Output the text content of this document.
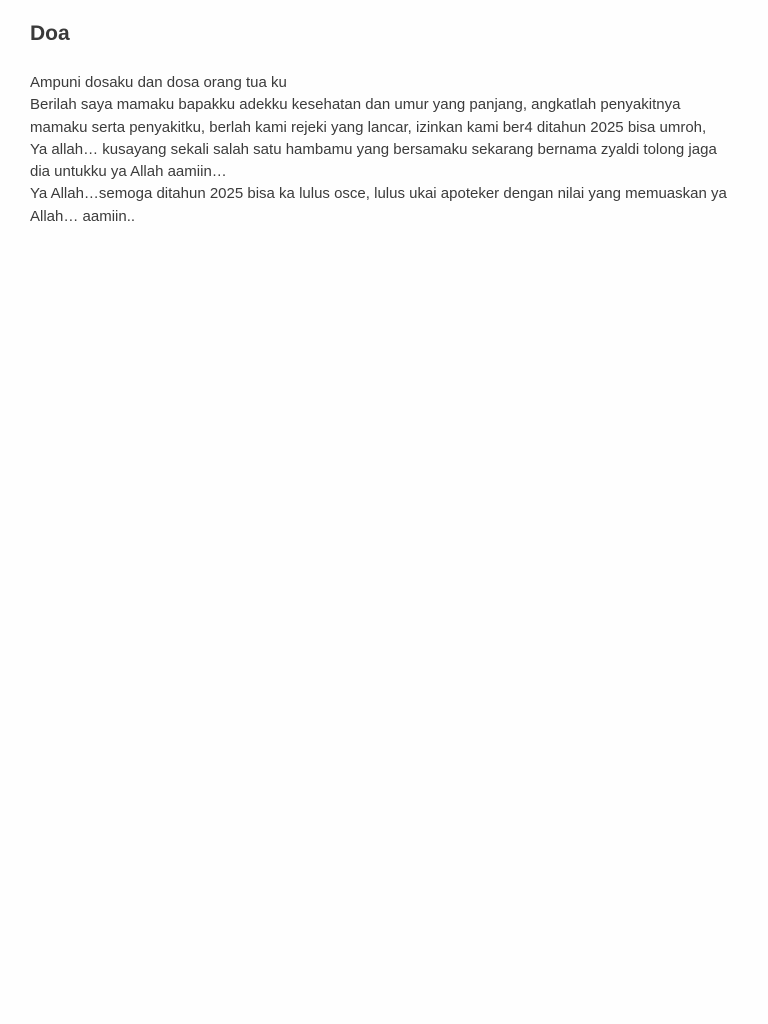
Doa
Ampuni dosaku dan dosa orang tua ku
Berilah saya mamaku bapakku adekku kesehatan dan umur yang panjang, angkatlah penyakitnya mamaku serta penyakitku, berlah kami rejeki yang lancar, izinkan kami ber4 ditahun 2025 bisa umroh,
Ya allah… kusayang sekali salah satu hambamu yang bersamaku sekarang bernama zyaldi tolong jaga dia untukku ya Allah aamiin…
Ya Allah…semoga ditahun 2025 bisa ka lulus osce, lulus ukai apoteker dengan nilai yang memuaskan ya Allah… aamiin..
